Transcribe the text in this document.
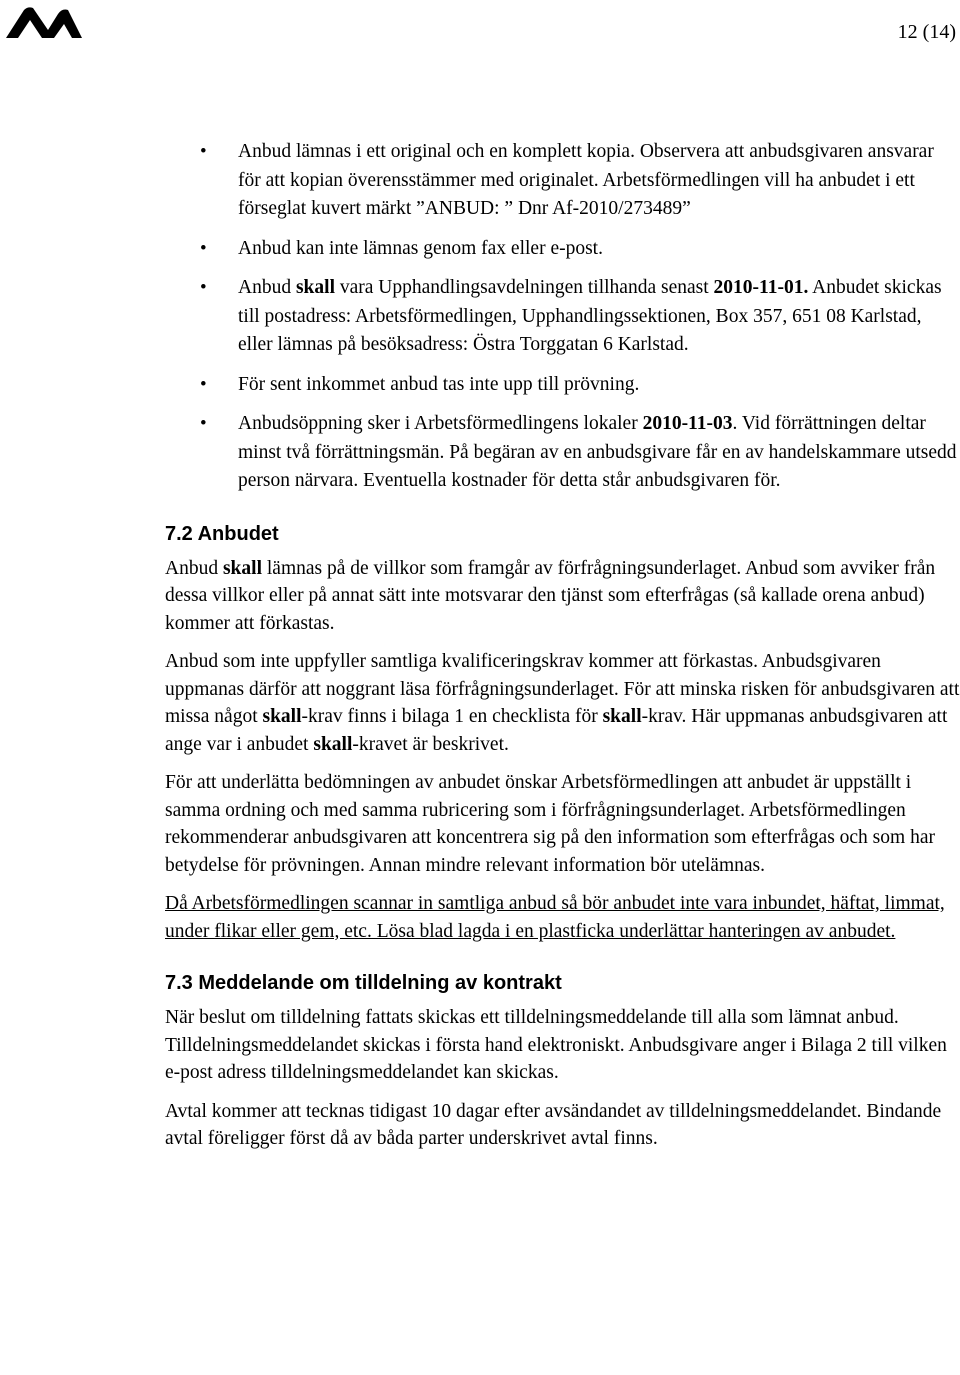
12 (14)
• Anbud lämnas i ett original och en komplett kopia. Observera att anbudsgivaren ansvarar för att kopian överensstämmer med originalet. Arbetsförmedlingen vill ha anbudet i ett förseglat kuvert märkt ”ANBUD: ” Dnr Af-2010/273489”
• Anbud kan inte lämnas genom fax eller e-post.
• Anbud skall vara Upphandlingsavdelningen tillhanda senast 2010-11-01. Anbudet skickas till postadress: Arbetsförmedlingen, Upphandlingssektionen, Box 357, 651 08 Karlstad, eller lämnas på besöksadress: Östra Torggatan 6 Karlstad.
• För sent inkommet anbud tas inte upp till prövning.
• Anbudsöppning sker i Arbetsförmedlingens lokaler 2010-11-03. Vid förrättningen deltar minst två förrättningsmän. På begäran av en anbudsgivare får en av handelskammare utsedd person närvara. Eventuella kostnader för detta står anbudsgivaren för.
7.2 Anbudet

Anbud skall lämnas på de villkor som framgår av förfrågningsunderlaget. Anbud som avviker från dessa villkor eller på annat sätt inte motsvarar den tjänst som efterfrågas (så kallade orena anbud) kommer att förkastas.

Anbud som inte uppfyller samtliga kvalificeringskrav kommer att förkastas. Anbudsgivaren uppmanas därför att noggrant läsa förfrågningsunderlaget. För att minska risken för anbudsgivaren att missa något skall-krav finns i bilaga 1 en checklista för skall-krav. Här uppmanas anbudsgivaren att ange var i anbudet skall-kravet är beskrivet.

För att underlätta bedömningen av anbudet önskar Arbetsförmedlingen att anbudet är uppställt i samma ordning och med samma rubricering som i förfrågningsunderlaget. Arbetsförmedlingen rekommenderar anbudsgivaren att koncentrera sig på den information som efterfrågas och som har betydelse för prövningen. Annan mindre relevant information bör utelämnas.

Då Arbetsförmedlingen scannar in samtliga anbud så bör anbudet inte vara inbundet, häftat, limmat, under flikar eller gem, etc. Lösa blad lagda i en plastficka underlättar hanteringen av anbudet.

7.3 Meddelande om tilldelning av kontrakt

När beslut om tilldelning fattats skickas ett tilldelningsmeddelande till alla som lämnat anbud. Tilldelningsmeddelandet skickas i första hand elektroniskt. Anbudsgivare anger i Bilaga 2 till vilken e-post adress tilldelningsmeddelandet kan skickas.

Avtal kommer att tecknas tidigast 10 dagar efter avsändandet av tilldelningsmeddelandet. Bindande avtal föreligger först då av båda parter underskrivet avtal finns.
